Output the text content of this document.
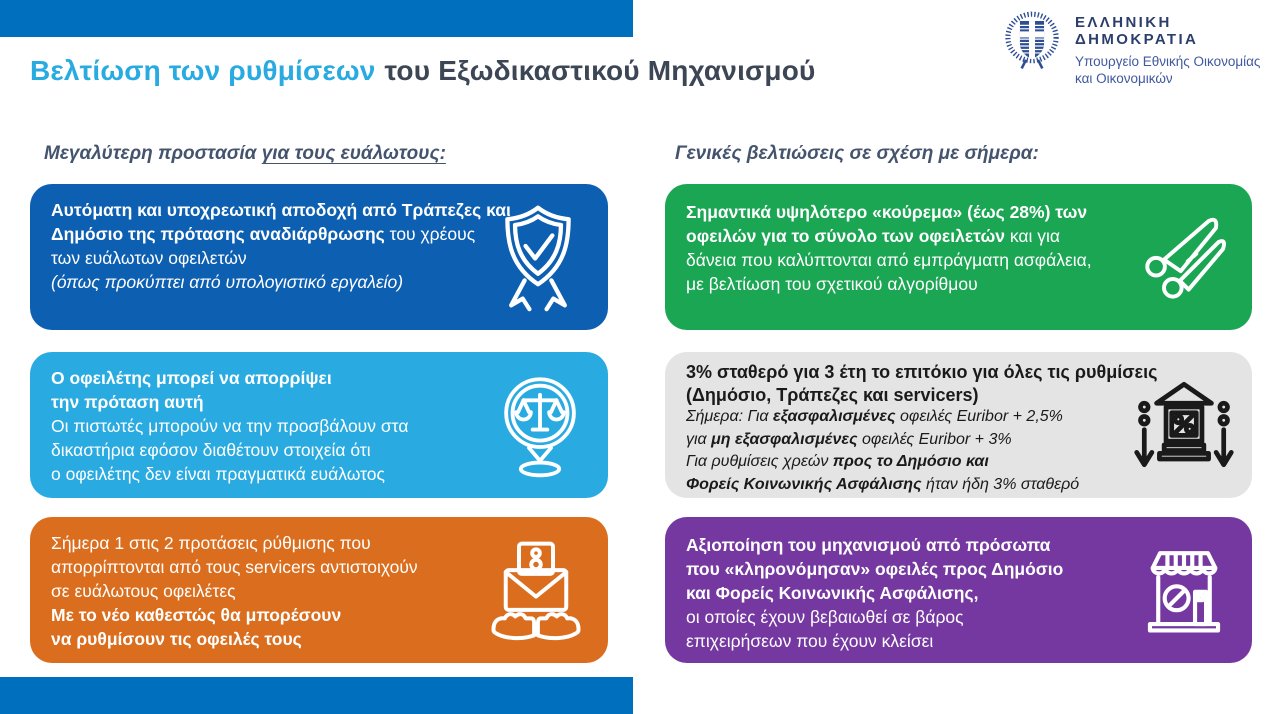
Βελτίωση των ρυθμίσεων του Εξωδικαστικού Μηχανισμού
ΕΛΛΗΝΙΚΗ ΔΗΜΟΚΡΑΤΙΑ
Υπουργείο Εθνικής Οικονομίας
και Οικονομικών
Μεγαλύτερη προστασία για τους ευάλωτους:	Γενικές βελτιώσεις σε σχέση με σήμερα:
Αυτόματη και υποχρεωτική αποδοχή από Τράπεζες και
Δημόσιο της πρότασης αναδιάρθρωσης του χρέους
των ευάλωτων οφειλετών
(όπως προκύπτει από υπολογιστικό εργαλείο)
Ο οφειλέτης μπορεί να απορρίψει
την πρόταση αυτή
Οι πιστωτές μπορούν να την προσβάλουν στα
δικαστήρια εφόσον διαθέτουν στοιχεία ότι
ο οφειλέτης δεν είναι πραγματικά ευάλωτος
Σήμερα 1 στις 2 προτάσεις ρύθμισης που
απορρίπτονται από τους servicers αντιστοιχούν
σε ευάλωτους οφειλέτες
Με το νέο καθεστώς θα μπορέσουν
να ρυθμίσουν τις οφειλές τους
Σημαντικά υψηλότερο «κούρεμα» (έως 28%) των
οφειλών για το σύνολο των οφειλετών και για
δάνεια που καλύπτονται από εμπράγματη ασφάλεια,
με βελτίωση του σχετικού αλγορίθμου
3% σταθερό για 3 έτη το επιτόκιο για όλες τις ρυθμίσεις
(Δημόσιο, Τράπεζες και servicers)
Σήμερα: Για εξασφαλισμένες οφειλές Euribor + 2,5%
για μη εξασφαλισμένες οφειλές Euribor + 3%
Για ρυθμίσεις χρεών προς το Δημόσιο και
Φορείς Κοινωνικής Ασφάλισης ήταν ήδη 3% σταθερό
Αξιοποίηση του μηχανισμού από πρόσωπα
που «κληρονόμησαν» οφειλές προς Δημόσιο
και Φορείς Κοινωνικής Ασφάλισης,
οι οποίες έχουν βεβαιωθεί σε βάρος
επιχειρήσεων που έχουν κλείσει
